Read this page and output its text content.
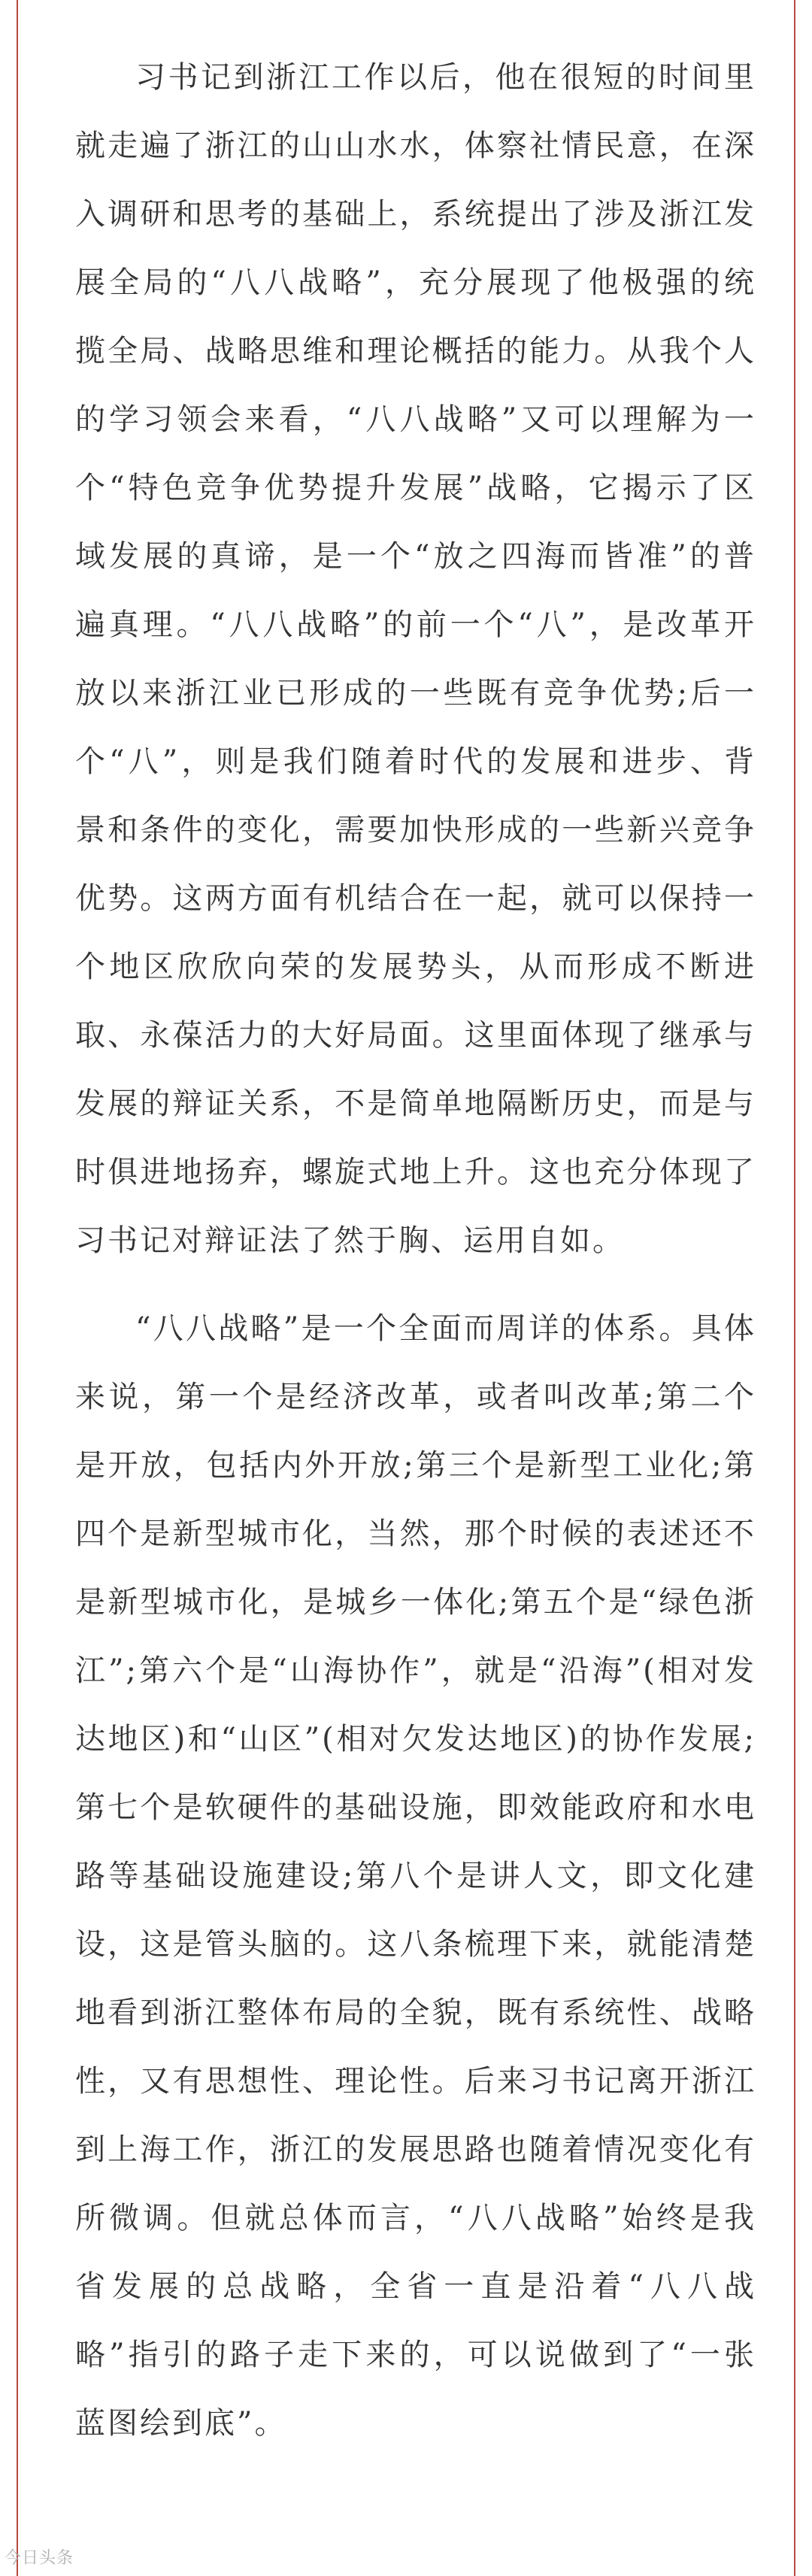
习书记到浙江工作以后，他在很短的时间里就走遍了浙江的山山水水，体察社情民意，在深入调研和思考的基础上，系统提出了涉及浙江发展全局的“八八战略”，充分展现了他极强的统揽全局、战略思维和理论概括的能力。从我个人的学习领会来看，“八八战略”又可以理解为一个“特色竞争优势提升发展”战略，它揭示了区域发展的真谛，是一个“放之四海而皆准”的普遍真理。“八八战略”的前一个“八”，是改革开放以来浙江业已形成的一些既有竞争优势;后一个“八”，则是我们随着时代的发展和进步、背景和条件的变化，需要加快形成的一些新兴竞争优势。这两方面有机结合在一起，就可以保持一个地区欣欣向荣的发展势头，从而形成不断进取、永葆活力的大好局面。这里面体现了继承与发展的辩证关系，不是简单地隔断历史，而是与时俱进地扬弃，螺旋式地上升。这也充分体现了习书记对辩证法了然于胸、运用自如。

“八八战略”是一个全面而周详的体系。具体来说，第一个是经济改革，或者叫改革;第二个是开放，包括内外开放;第三个是新型工业化;第四个是新型城市化，当然，那个时候的表述还不是新型城市化，是城乡一体化;第五个是“绿色浙江”;第六个是“山海协作”，就是“沿海”(相对发达地区)和“山区”(相对欠发达地区)的协作发展;第七个是软硬件的基础设施，即效能政府和水电路等基础设施建设;第八个是讲人文，即文化建设，这是管头脑的。这八条梳理下来，就能清楚地看到浙江整体布局的全貌，既有系统性、战略性，又有思想性、理论性。后来习书记离开浙江到上海工作，浙江的发展思路也随着情况变化有所微调。但就总体而言，“八八战略”始终是我省发展的总战略，全省一直是沿着“八八战略”指引的路子走下来的，可以说做到了“一张蓝图绘到底”。

今日头条
